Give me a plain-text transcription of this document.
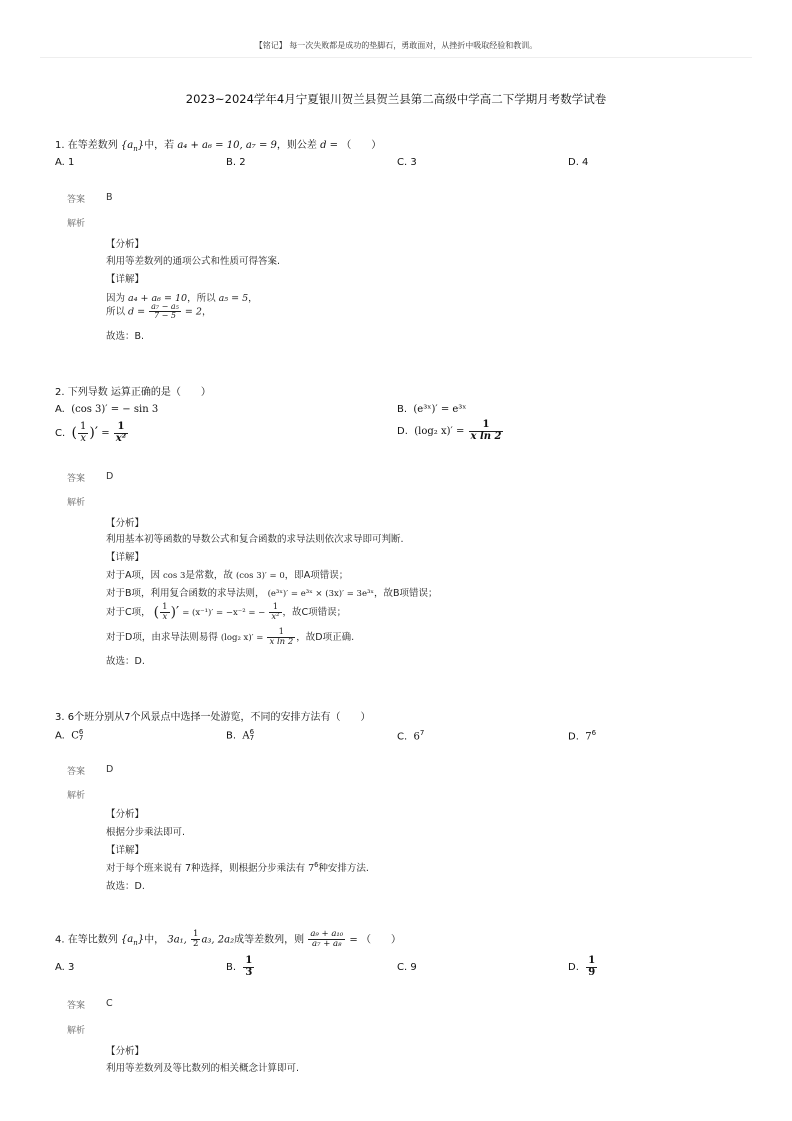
【铭记】 每一次失败都是成功的垫脚石，勇敢面对，从挫折中吸取经验和教训。
2023~2024学年4月宁夏银川贺兰县贺兰县第二高级中学高二下学期月考数学试卷
1. 在等差数列 $\{a_n\}$中，若 a₄ + a₆ = 10, a₇ = 9，则公差 d = （　　）
A. 1	B. 2	C. 3	D. 4
答案 B
解析
【分析】
利用等差数列的通项公式和性质可得答案.
【详解】
因为 a₄ + a₆ = 10，所以 a₅ = 5，
所以 $d = \frac{\text{a₇ − a₅}}{7 - 5} = 2$，
故选：B.
2. 下列导数 运算正确的是（　　）
A. (cos 3)′ = − sin 3	B. (e³ˣ)′ = e³ˣ
C. ( $\frac{1}{x}$ )′ = $\frac{1}{\text{x²}}$	D. (log₂ $x)' = \frac{1}{\text{x ln 2}}$
答案 D
解析
【分析】
利用基本初等函数的导数公式和复合函数的求导法则依次求导即可判断.
【详解】
对于A项，因 cos 3是常数，故 (cos 3)′ = 0，即A项错误；
对于B项，利用复合函数的求导法则， (e³ˣ)′ = e³ˣ × (3x)′ = 3e³ˣ，故B项错误；
对于C项， ( $\frac{1}{x}$ )′ = (x⁻¹)′ = −x⁻² = − $\frac{1}{\text{x²}}$ ，故C项错误；
对于D项，由求导法则易得 (log₂ $x)' = \frac{1}{\text{x ln 2}}$ ，故D项正确.
故选：D.
3. 6个班分别从7个风景点中选择一处游览，不同的安排方法有（　　）
A. C 6
7	B. A 6
7	C. $6^7$	D. $7^6$
答案 D
解析
【分析】
根据分步乘法即可.
【详解】
对于每个班来说有 7种选择，则根据分步乘法有 $7^6$种安排方法.
故选：D.
4. 在等比数列 $\{a_n\}$中， 3a₁, $\frac{1}{2} a_3$, 2a₂成等差数列，则 $\frac{\text{a₉ + a₁₀}}{\text{a₇ + a₈}}$ = （　　）
A. 3	B. $\frac{1}{3}$	C. 9	D. $\frac{1}{9}$
答案 C
解析
【分析】
利用等差数列及等比数列的相关概念计算即可.
